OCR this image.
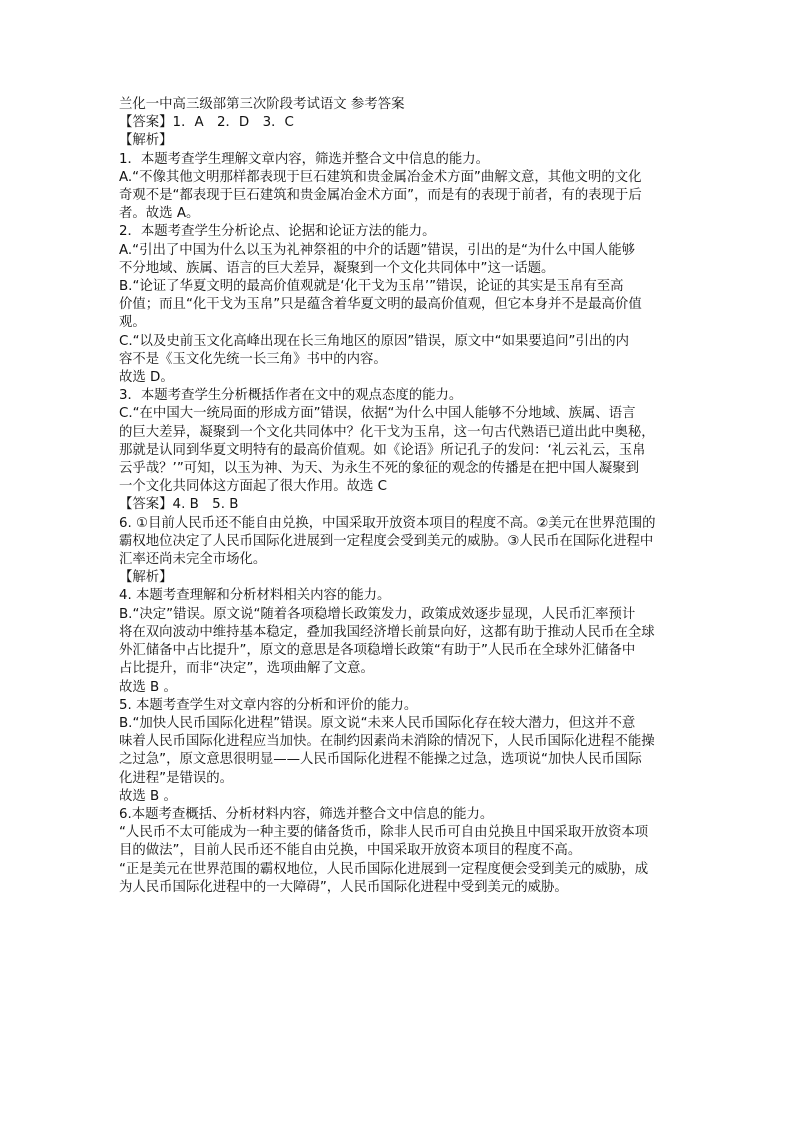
兰化一中高三级部第三次阶段考试语文 参考答案
【答案】1．A　2．D　3．C
【解析】
1．本题考查学生理解文章内容，筛选并整合文中信息的能力。
A.“不像其他文明那样都表现于巨石建筑和贵金属冶金术方面”曲解文意，其他文明的文化
奇观不是“都表现于巨石建筑和贵金属冶金术方面”，而是有的表现于前者，有的表现于后
者。故选 A。
2．本题考查学生分析论点、论据和论证方法的能力。
A.“引出了中国为什么以玉为礼神祭祖的中介的话题”错误，引出的是“为什么中国人能够
不分地域、族属、语言的巨大差异，凝聚到一个文化共同体中”这一话题。
B.“论证了华夏文明的最高价值观就是‘化干戈为玉帛’”错误，论证的其实是玉帛有至高
价值；而且“化干戈为玉帛”只是蕴含着华夏文明的最高价值观，但它本身并不是最高价值
观。
C.“以及史前玉文化高峰出现在长三角地区的原因”错误，原文中“如果要追问”引出的内
容不是《玉文化先统一长三角》书中的内容。
故选 D。
3．本题考查学生分析概括作者在文中的观点态度的能力。
C.“在中国大一统局面的形成方面”错误，依据“为什么中国人能够不分地域、族属、语言
的巨大差异，凝聚到一个文化共同体中？化干戈为玉帛，这一句古代熟语已道出此中奥秘，
那就是认同到华夏文明特有的最高价值观。如《论语》所记孔子的发问：‘礼云礼云，玉帛
云乎哉？’”可知，以玉为神、为天、为永生不死的象征的观念的传播是在把中国人凝聚到
一个文化共同体这方面起了很大作用。故选 C
【答案】4. B　5. B
6. ①目前人民币还不能自由兑换，中国采取开放资本项目的程度不高。②美元在世界范围的
霸权地位决定了人民币国际化进展到一定程度会受到美元的威胁。③人民币在国际化进程中
汇率还尚未完全市场化。
【解析】
4. 本题考查理解和分析材料相关内容的能力。
B.“决定”错误。原文说“随着各项稳增长政策发力，政策成效逐步显现，人民币汇率预计
将在双向波动中维持基本稳定，叠加我国经济增长前景向好，这都有助于推动人民币在全球
外汇储备中占比提升”，原文的意思是各项稳增长政策“有助于”人民币在全球外汇储备中
占比提升，而非“决定”，选项曲解了文意。
故选 B 。
5. 本题考查学生对文章内容的分析和评价的能力。
B.“加快人民币国际化进程”错误。原文说“未来人民币国际化存在较大潜力，但这并不意
味着人民币国际化进程应当加快。在制约因素尚未消除的情况下，人民币国际化进程不能操
之过急”，原文意思很明显——人民币国际化进程不能操之过急，选项说“加快人民币国际
化进程”是错误的。
故选 B 。
6.本题考查概括、分析材料内容，筛选并整合文中信息的能力。
“人民币不太可能成为一种主要的储备货币，除非人民币可自由兑换且中国采取开放资本项
目的做法”，目前人民币还不能自由兑换，中国采取开放资本项目的程度不高。
“正是美元在世界范围的霸权地位，人民币国际化进展到一定程度便会受到美元的威胁，成
为人民币国际化进程中的一大障碍”，人民币国际化进程中受到美元的威胁。
